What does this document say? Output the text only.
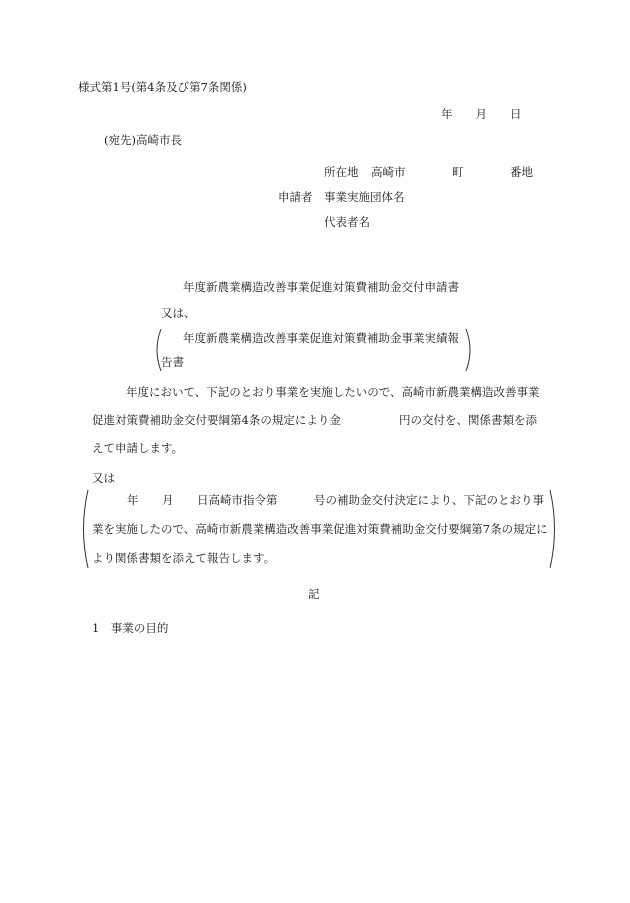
様式第1号(第4条及び第7条関係)
年　　月　　日
(宛先)高崎市長
所在地 高崎市	町	番地
申請者 事業実施団体名
代表者名
年度新農業構造改善事業促進対策費補助金交付申請書
又は、
年度新農業構造改善事業促進対策費補助金事業実績報
告書
年度において、下記のとおり事業を実施したいので、高崎市新農業構造改善事業
促進対策費補助金交付要綱第4条の規定により金	円の交付を、関係書類を添
えて申請します。
又は
年 月 日高崎市指令第	号の補助金交付決定により、下記のとおり事
業を実施したので、高崎市新農業構造改善事業促進対策費補助金交付要綱第7条の規定に
より関係書類を添えて報告します。
記
1　事業の目的
